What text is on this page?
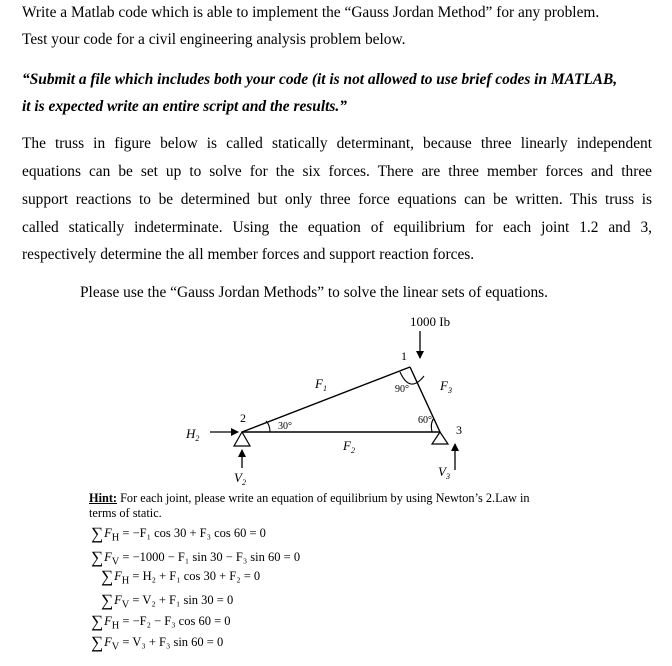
Write a Matlab code which is able to implement the “Gauss Jordan Method” for any problem.
Test your code for a civil engineering analysis problem below.
“Submit a file which includes both your code (it is not allowed to use brief codes in MATLAB,
it is expected write an entire script and the results.”
The truss in figure below is called statically determinant, because three linearly independent
equations can be set up to solve for the six forces. There are three member forces and three
support reactions to be determined but only three force equations can be written. This truss is
called statically indeterminate. Using the equation of equilibrium for each joint 1.2 and 3,
respectively determine the all member forces and support reaction forces.
Please use the “Gauss Jordan Methods” to solve the linear sets of equations.
1000 Ib
1
90°
30°
60°
$F_1$	$F_3$
$F_2$
2
3
$H_2$
$V_2$
$V_3$
Hint: For each joint, please write an equation of equilibrium by using Newton’s 2.Law in
terms of static.
$\sum F_H = -F_1$ cos 30 + F₃ cos 60 = 0
$\sum F_V = -1000 - F_1$ sin 30 − F₃ sin 60 = 0
$\sum F_H = H_2 + F_1$ cos 30 + F₂ = 0
$\sum F_V = V_2 + F_1$ sin 30 = 0
$\sum F_H = -F_2 - F_3$ cos 60 = 0
$\sum F_V = V_3 + F_3$ sin 60 = 0
